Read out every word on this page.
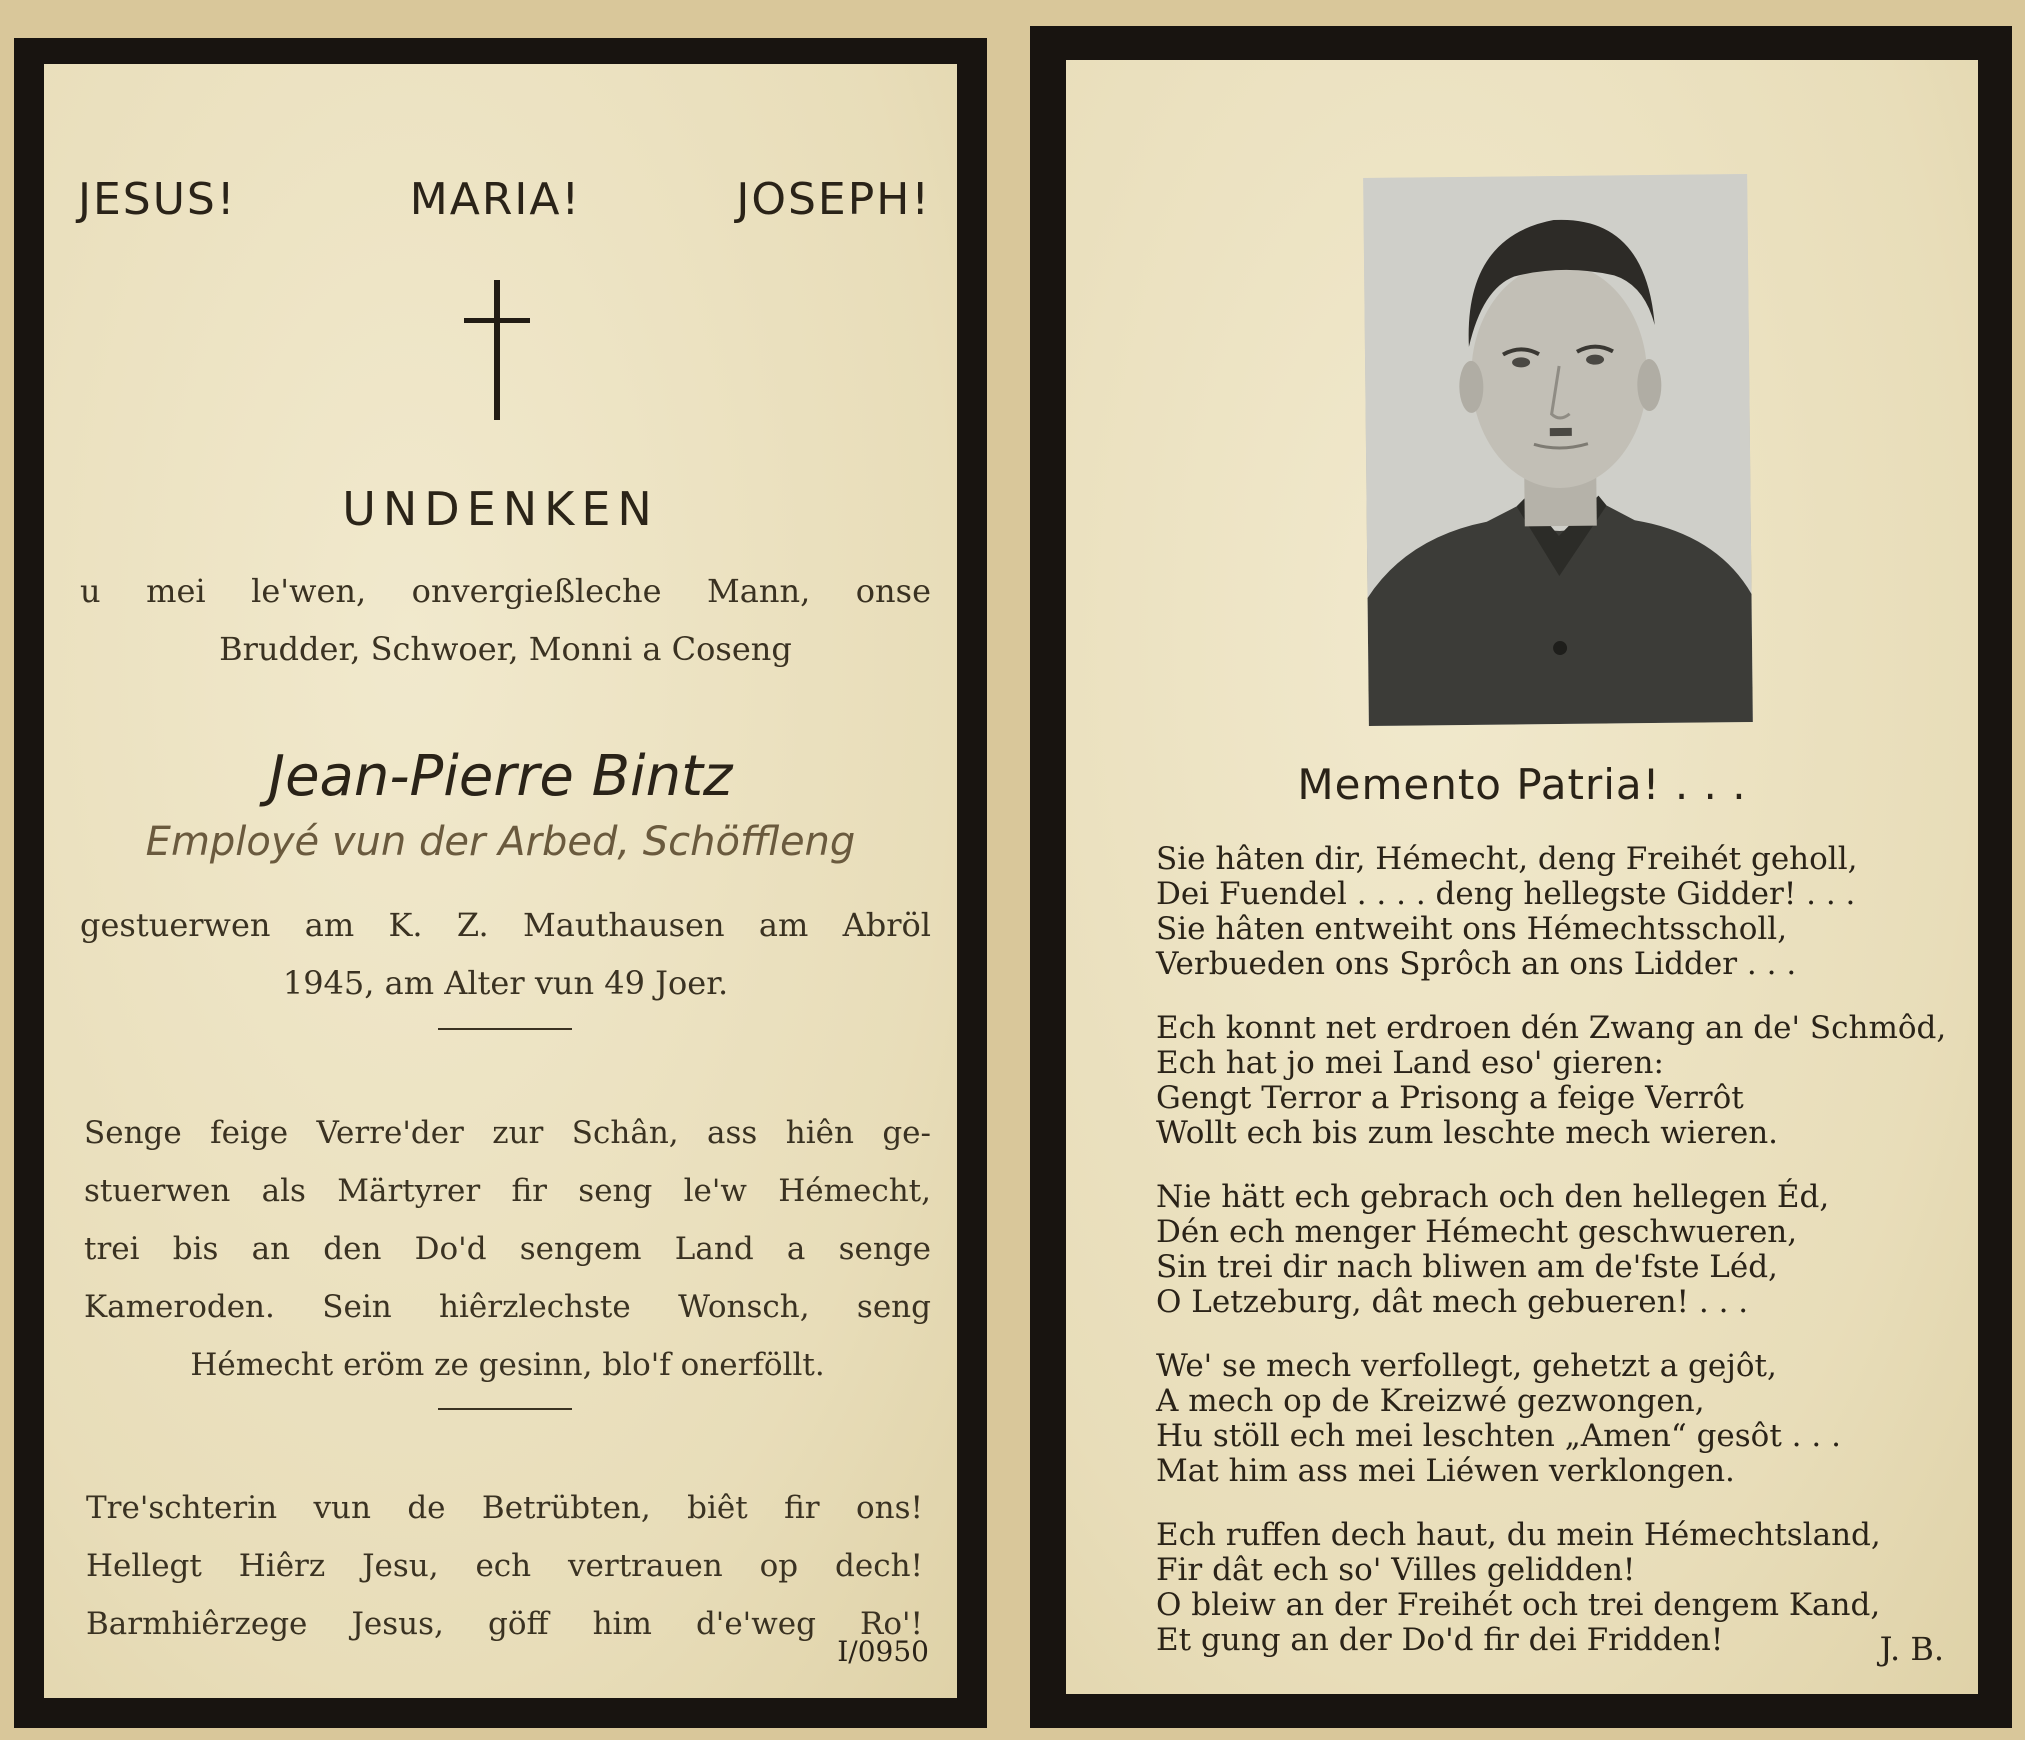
JESUS!	MARIA!	JOSEPH!
UNDENKEN
u mei le'wen, onvergießleche Mann, onse
Brudder, Schwoer, Monni a Coseng
Jean-Pierre Bintz
Employé vun der Arbed, Schöffleng
gestuerwen am K. Z. Mauthausen am Abröl
1945, am Alter vun 49 Joer.
Senge feige Verre'der zur Schân, ass hiên ge-
stuerwen als Märtyrer fir seng le'w Hémecht,
trei bis an den Do'd sengem Land a senge
Kameroden. Sein hiêrzlechste Wonsch, seng
Hémecht eröm ze gesinn, blo'f onerföllt.
Tre'schterin vun de Betrübten, biêt fir ons!
Hellegt Hiêrz Jesu, ech vertrauen op dech!
Barmhiêrzege Jesus, göff him d'e'weg Ro'!
I/0950
Memento Patria! . . .
Sie hâten dir, Hémecht, deng Freihét geholl,
Dei Fuendel . . . . deng hellegste Gidder! . . .
Sie hâten entweiht ons Hémechtsscholl,
Verbueden ons Sprôch an ons Lidder . . .
Ech konnt net erdroen dén Zwang an de' Schmôd,
Ech hat jo mei Land eso' gieren:
Gengt Terror a Prisong a feige Verrôt
Wollt ech bis zum leschte mech wieren.
Nie hätt ech gebrach och den hellegen Éd,
Dén ech menger Hémecht geschwueren,
Sin trei dir nach bliwen am de'fste Léd,
O Letzeburg, dât mech gebueren! . . .
We' se mech verfollegt, gehetzt a gejôt,
A mech op de Kreizwé gezwongen,
Hu stöll ech mei leschten „Amen“ gesôt . . .
Mat him ass mei Liéwen verklongen.
Ech ruffen dech haut, du mein Hémechtsland,
Fir dât ech so' Villes gelidden!
O bleiw an der Freihét och trei dengem Kand,
Et gung an der Do'd fir dei Fridden!	J. B.
